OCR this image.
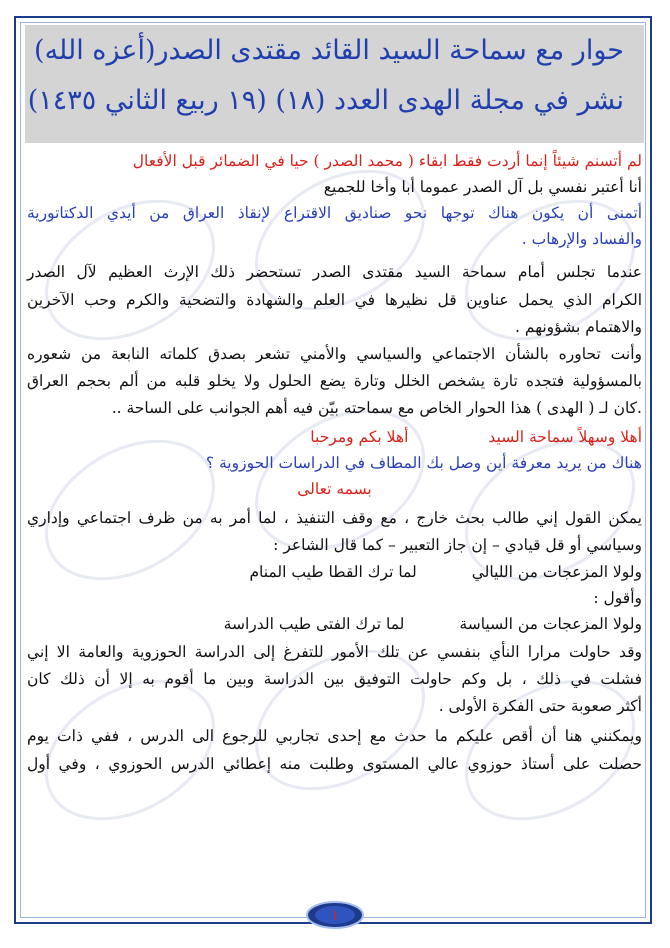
حوار مع سماحة السيد القائد مقتدى الصدر(أعزه الله)
نشر في مجلة الهدى العدد (١٨) (١٩ ربيع الثاني ١٤٣٥)
لم أتسنم شيئاً إنما أردت فقط ابقاء ( محمد الصدر ) حيا في الضمائر قبل الأفعال
أنا أعتبر نفسي بل آل الصدر عموما أبا وأخا للجميع
أتمنى أن يكون هناك توجها نحو صناديق الاقتراع لإنقاذ العراق من أيدي الدكتاتورية
والفساد والإرهاب .
عندما تجلس أمام سماحة السيد مقتدى الصدر تستحضر ذلك الإرث العظيم لآل الصدر
الكرام الذي يحمل عناوين قل نظيرها في العلم والشهادة والتضحية والكرم وحب الآخرين
والاهتمام بشؤونهم .
وأنت تحاوره بالشأن الاجتماعي والسياسي والأمني تشعر بصدق كلماته النابعة من شعوره
بالمسؤولية فتجده تارة يشخص الخلل وتارة يضع الحلول ولا يخلو قلبه من ألم بحجم العراق
.كان لـ ( الهدى ) هذا الحوار الخاص مع سماحته بيّن فيه أهم الجوانب على الساحة ..
أهلا وسهلاً سماحة السيد
أهلا بكم ومرحبا
هناك من يريد معرفة أين وصل بك المطاف في الدراسات الحوزوية ؟
بسمه تعالى
يمكن القول إني طالب بحث خارج ، مع وقف التنفيذ ، لما أمر به من ظرف اجتماعي وإداري
وسياسي أو قل قيادي – إن جاز التعبير – كما قال الشاعر :
ولولا المزعجات من الليالي
لما ترك القطا طيب المنام
وأقول :
ولولا المزعجات من السياسة
لما ترك الفتى طيب الدراسة
وقد حاولت مرارا النأي بنفسي عن تلك الأمور للتفرغ إلى الدراسة الحوزوية والعامة الا إني
فشلت في ذلك ، بل وكم حاولت التوفيق بين الدراسة وبين ما أقوم به إلا أن ذلك كان
أكثر صعوبة حتى الفكرة الأولى .
ويمكنني هنا أن أقص عليكم ما حدث مع إحدى تجاربي للرجوع الى الدرس ، ففي ذات يوم
حصلت على أستاذ حوزوي عالي المستوى وطلبت منه إعطائي الدرس الحوزوي ، وفي أول
١
